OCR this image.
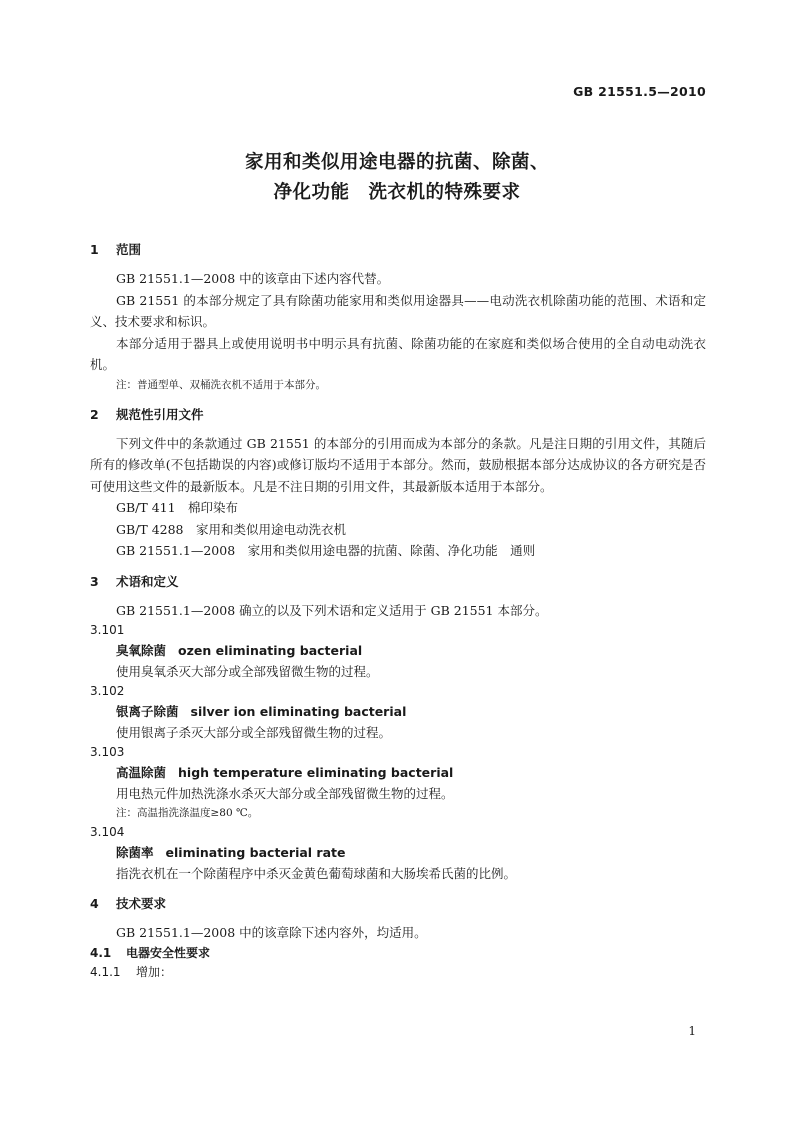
GB 21551.5—2010
家用和类似用途电器的抗菌、除菌、
净化功能　洗衣机的特殊要求
1 范围
GB 21551.1—2008 中的该章由下述内容代替。
GB 21551 的本部分规定了具有除菌功能家用和类似用途器具——电动洗衣机除菌功能的范围、术语和定义、技术要求和标识。
本部分适用于器具上或使用说明书中明示具有抗菌、除菌功能的在家庭和类似场合使用的全自动电动洗衣机。
注：普通型单、双桶洗衣机不适用于本部分。
2 规范性引用文件
下列文件中的条款通过 GB 21551 的本部分的引用而成为本部分的条款。凡是注日期的引用文件，其随后所有的修改单(不包括勘误的内容)或修订版均不适用于本部分。然而，鼓励根据本部分达成协议的各方研究是否可使用这些文件的最新版本。凡是不注日期的引用文件，其最新版本适用于本部分。
GB/T 411　棉印染布
GB/T 4288　家用和类似用途电动洗衣机
GB 21551.1—2008　家用和类似用途电器的抗菌、除菌、净化功能　通则
3 术语和定义
GB 21551.1—2008 确立的以及下列术语和定义适用于 GB 21551 本部分。
3.101
臭氧除菌 ozen eliminating bacterial
使用臭氧杀灭大部分或全部残留微生物的过程。
3.102
银离子除菌 silver ion eliminating bacterial
使用银离子杀灭大部分或全部残留微生物的过程。
3.103
高温除菌 high temperature eliminating bacterial
用电热元件加热洗涤水杀灭大部分或全部残留微生物的过程。
注：高温指洗涤温度≥80 ℃。
3.104
除菌率 eliminating bacterial rate
指洗衣机在一个除菌程序中杀灭金黄色葡萄球菌和大肠埃希氏菌的比例。
4 技术要求
GB 21551.1—2008 中的该章除下述内容外，均适用。
4.1 电器安全性要求
4.1.1 增加：
1
